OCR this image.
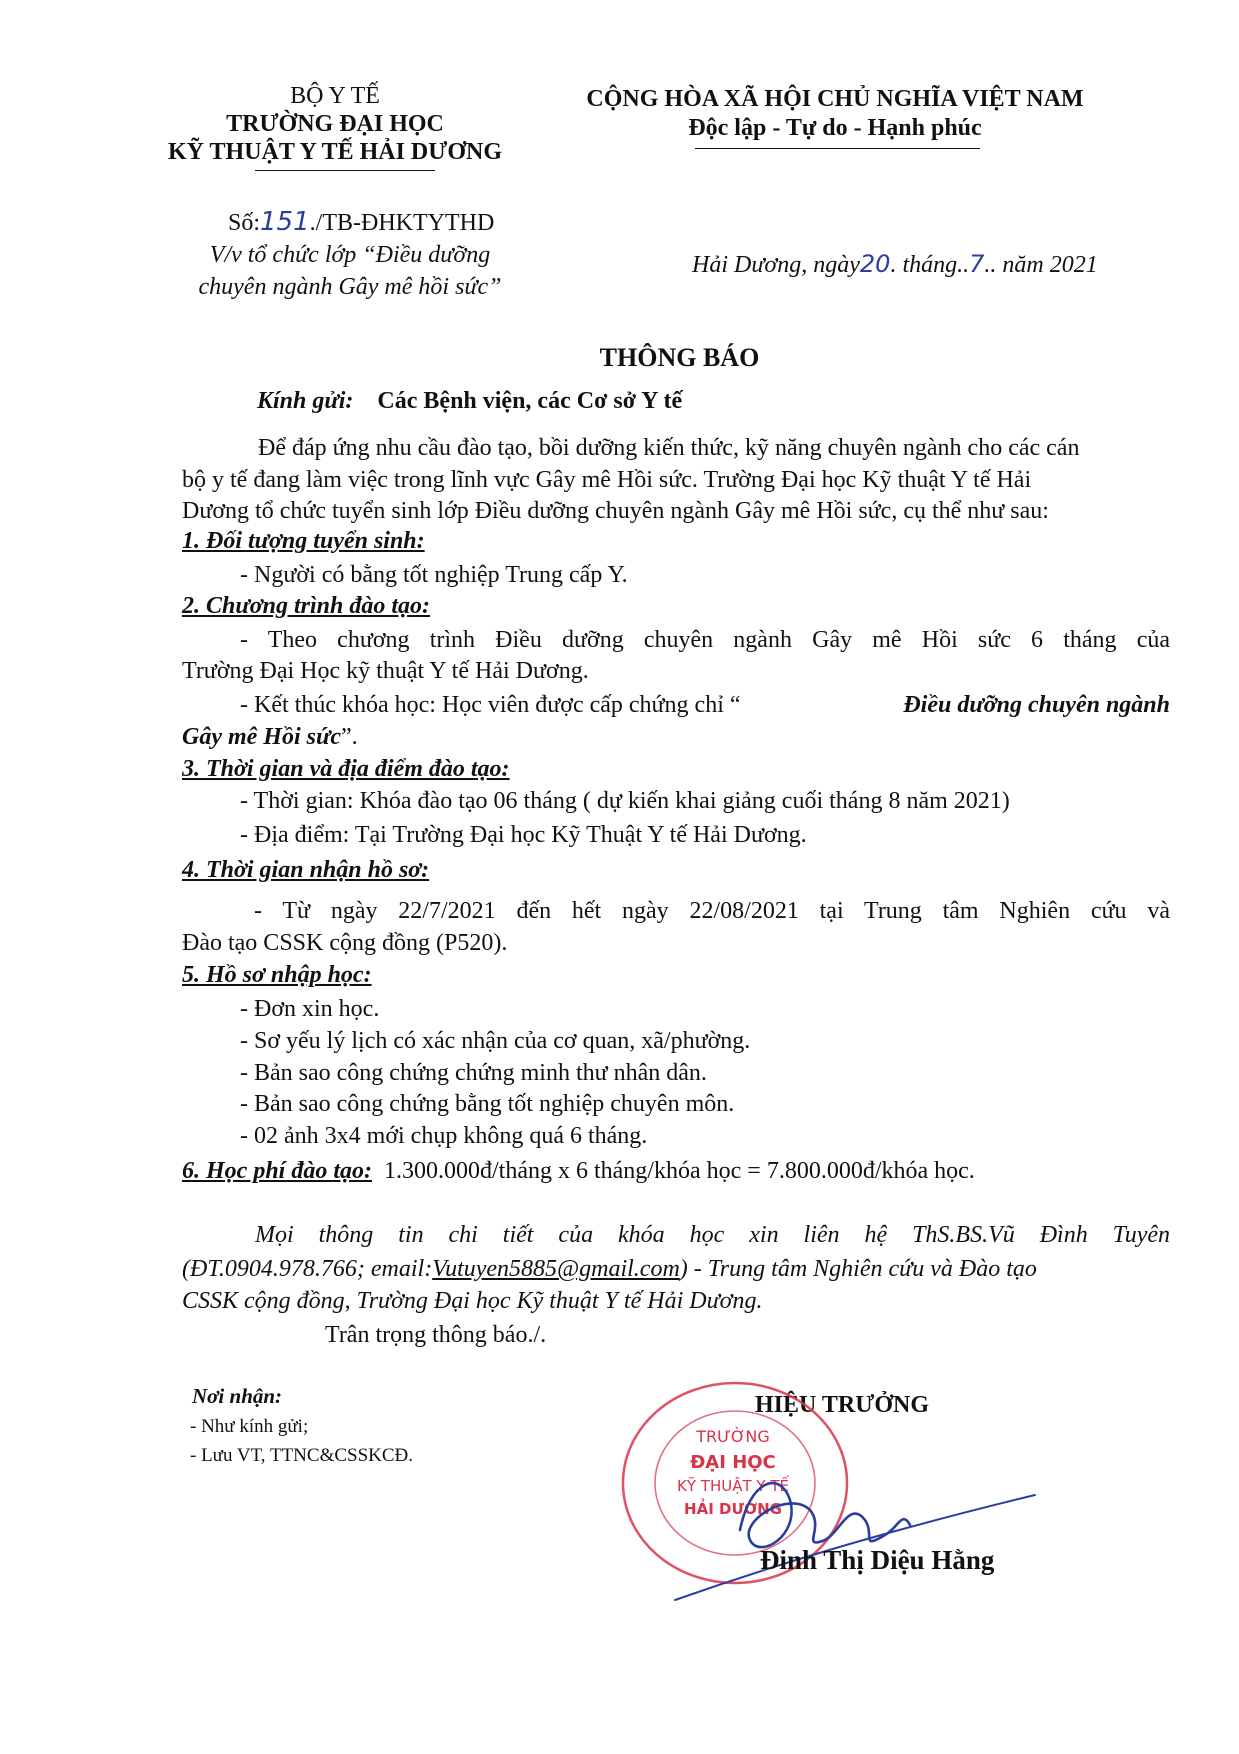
BỘ Y TẾ
TRƯỜNG ĐẠI HỌC
KỸ THUẬT Y TẾ HẢI DƯƠNG
CỘNG HÒA XÃ HỘI CHỦ NGHĨA VIỆT NAM
Độc lập - Tự do - Hạnh phúc
Số:151./TB-ĐHKTYTHD
V/v tổ chức lớp “Điều dưỡng
chuyên ngành Gây mê hồi sức”
Hải Dương, ngày20. tháng..7.. năm 2021
THÔNG BÁO
Kính gửi: Các Bệnh viện, các Cơ sở Y tế
Để đáp ứng nhu cầu đào tạo, bồi dưỡng kiến thức, kỹ năng chuyên ngành cho các cán
bộ y tế đang làm việc trong lĩnh vực Gây mê Hồi sức. Trường Đại học Kỹ thuật Y tế Hải
Dương tổ chức tuyển sinh lớp Điều dưỡng chuyên ngành Gây mê Hồi sức, cụ thể như sau:
1. Đối tượng tuyển sinh:
- Người có bằng tốt nghiệp Trung cấp Y.
2. Chương trình đào tạo:
- Theo chương trình Điều dưỡng chuyên ngành Gây mê Hồi sức 6 tháng của
Trường Đại Học kỹ thuật Y tế Hải Dương.
- Kết thúc khóa học: Học viên được cấp chứng chỉ “	Điều dưỡng chuyên ngành
Gây mê Hồi sức”.
3. Thời gian và địa điểm đào tạo:
- Thời gian: Khóa đào tạo 06 tháng ( dự kiến khai giảng cuối tháng 8 năm 2021)
- Địa điểm: Tại Trường Đại học Kỹ Thuật Y tế Hải Dương.
4. Thời gian nhận hồ sơ:
- Từ ngày 22/7/2021 đến hết ngày 22/08/2021 tại Trung tâm Nghiên cứu và
Đào tạo CSSK cộng đồng (P520).
5. Hồ sơ nhập học:
- Đơn xin học.
- Sơ yếu lý lịch có xác nhận của cơ quan, xã/phường.
- Bản sao công chứng chứng minh thư nhân dân.
- Bản sao công chứng bằng tốt nghiệp chuyên môn.
- 02 ảnh 3x4 mới chụp không quá 6 tháng.
6. Học phí đào tạo: 1.300.000đ/tháng x 6 tháng/khóa học = 7.800.000đ/khóa học.
Mọi thông tin chi tiết của khóa học xin liên hệ ThS.BS.Vũ Đình Tuyên
(ĐT.0904.978.766; email: Vutuyen5885@gmail.com ) - Trung tâm Nghiên cứu và Đào tạo
CSSK cộng đồng, Trường Đại học Kỹ thuật Y tế Hải Dương.
Trân trọng thông báo./.
Nơi nhận:
- Như kính gửi;
- Lưu VT, TTNC&CSSKCĐ.
HIỆU TRƯỞNG
TRƯỜNG
ĐẠI HỌC
KỸ THUẬT Y TẾ
HẢI DƯƠNG
Đinh Thị Diệu Hằng
